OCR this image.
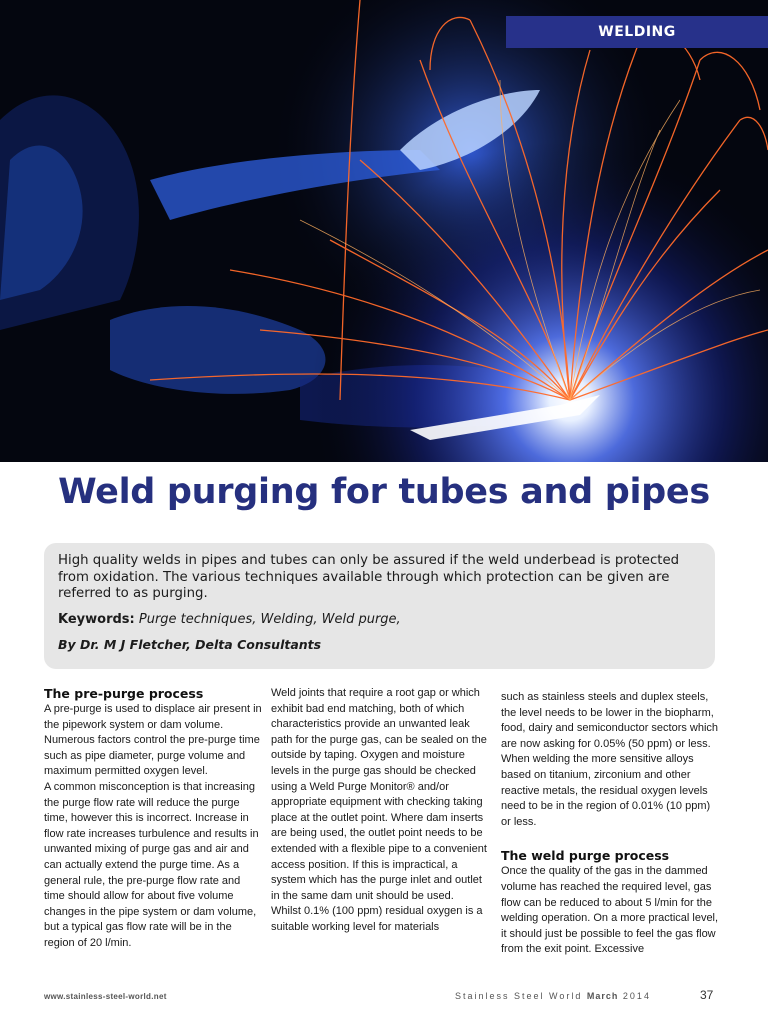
WELDING
Weld purging for tubes and pipes

High quality welds in pipes and tubes can only be assured if the weld underbead is protected from oxidation. The various techniques available through which protection can be given are referred to as purging.

Keywords: Purge techniques, Welding, Weld purge,

By Dr. M J Fletcher, Delta Consultants

The pre-purge process

A pre-purge is used to displace air present in the pipework system or dam volume. Numerous factors control the pre-purge time such as pipe diameter, purge volume and maximum permitted oxygen level.

A common misconception is that increasing the purge flow rate will reduce the purge time, however this is incorrect. Increase in flow rate increases turbulence and results in unwanted mixing of purge gas and air and can actually extend the purge time. As a general rule, the pre-purge flow rate and time should allow for about five volume changes in the pipe system or dam volume, but a typical gas flow rate will be in the region of 20 l/min.

Weld joints that require a root gap or which exhibit bad end matching, both of which characteristics provide an unwanted leak path for the purge gas, can be sealed on the outside by taping. Oxygen and moisture levels in the purge gas should be checked using a Weld Purge Monitor® and/or appropriate equipment with checking taking place at the outlet point. Where dam inserts are being used, the outlet point needs to be extended with a flexible pipe to a convenient access position. If this is impractical, a system which has the purge inlet and outlet in the same dam unit should be used.

Whilst 0.1% (100 ppm) residual oxygen is a suitable working level for materials

such as stainless steels and duplex steels, the level needs to be lower in the biopharm, food, dairy and semiconductor sectors which are now asking for 0.05% (50 ppm) or less.

When welding the more sensitive alloys based on titanium, zirconium and other reactive metals, the residual oxygen levels need to be in the region of 0.01% (10 ppm) or less.

The weld purge process

Once the quality of the gas in the dammed volume has reached the required level, gas flow can be reduced to about 5 l/min for the welding operation. On a more practical level, it should just be possible to feel the gas flow from the exit point. Excessive

www.stainless-steel-world.net	Stainless Steel World March 2014	37
